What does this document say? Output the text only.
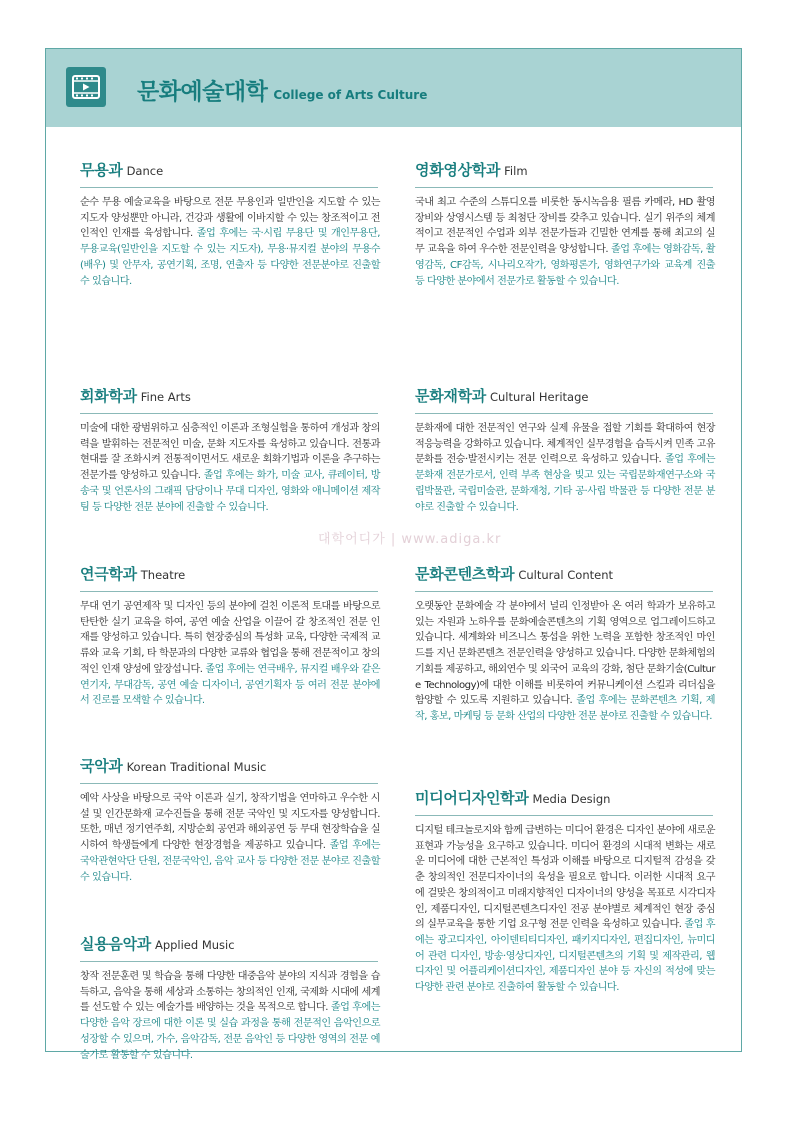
문화예술대학 College of Arts Culture
무용과 Dance

순수 무용 예술교육을 바탕으로 전문 무용인과 일반인을 지도할 수 있는 지도자 양성뿐만 아니라, 건강과 생활에 이바지할 수 있는 창조적이고 전인적인 인재를 육성합니다. 졸업 후에는 국·시립 무용단 및 개인무용단, 무용교육(일반인을 지도할 수 있는 지도자), 무용·뮤지컬 분야의 무용수(배우) 및 안무자, 공연기획, 조명, 연출자 등 다양한 전문분야로 진출할 수 있습니다.

회화학과 Fine Arts

미술에 대한 광범위하고 심층적인 이론과 조형실험을 통하여 개성과 창의력을 발휘하는 전문적인 미술, 문화 지도자를 육성하고 있습니다. 전통과 현대를 잘 조화시켜 전통적이면서도 새로운 회화기법과 이론을 추구하는 전문가를 양성하고 있습니다. 졸업 후에는 화가, 미술 교사, 큐레이터, 방송국 및 언론사의 그래픽 담당이나 무대 디자인, 영화와 애니메이션 제작팀 등 다양한 전문 분야에 진출할 수 있습니다.

연극학과 Theatre

무대 연기 공연제작 및 디자인 등의 분야에 걸친 이론적 토대를 바탕으로 탄탄한 실기 교육을 하여, 공연 예술 산업을 이끌어 갈 창조적인 전문 인재를 양성하고 있습니다. 특히 현장중심의 특성화 교육, 다양한 국제적 교류와 교육 기회, 타 학문과의 다양한 교류와 협업을 통해 전문적이고 창의적인 인재 양성에 앞장섭니다. 졸업 후에는 연극배우, 뮤지컬 배우와 같은 연기자, 무대감독, 공연 예술 디자이너, 공연기획자 등 여러 전문 분야에서 진로를 모색할 수 있습니다.

국악과 Korean Traditional Music

예악 사상을 바탕으로 국악 이론과 실기, 창작기법을 연마하고 우수한 시설 및 인간문화재 교수진들을 통해 전문 국악인 및 지도자를 양성합니다. 또한, 매년 정기연주회, 지방순회 공연과 해외공연 등 무대 현장학습을 실시하여 학생들에게 다양한 현장경험을 제공하고 있습니다. 졸업 후에는 국악관현악단 단원, 전문국악인, 음악 교사 등 다양한 전문 분야로 진출할 수 있습니다.

실용음악과 Applied Music

창작 전문훈련 및 학습을 통해 다양한 대중음악 분야의 지식과 경험을 습득하고, 음악을 통해 세상과 소통하는 창의적인 인재, 국제화 시대에 세계를 선도할 수 있는 예술가를 배양하는 것을 목적으로 합니다. 졸업 후에는 다양한 음악 장르에 대한 이론 및 실습 과정을 통해 전문적인 음악인으로 성장할 수 있으며, 가수, 음악감독, 전문 음악인 등 다양한 영역의 전문 예술가로 활동할 수 있습니다.

영화영상학과 Film

국내 최고 수준의 스튜디오를 비롯한 동시녹음용 필름 카메라, HD 촬영 장비와 상영시스템 등 최첨단 장비를 갖추고 있습니다. 실기 위주의 체계적이고 전문적인 수업과 외부 전문가들과 긴밀한 연계를 통해 최고의 실무 교육을 하여 우수한 전문인력을 양성합니다. 졸업 후에는 영화감독, 촬영감독, CF감독, 시나리오작가, 영화평론가, 영화연구가와 교육계 진출 등 다양한 분야에서 전문가로 활동할 수 있습니다.

문화재학과 Cultural Heritage

문화재에 대한 전문적인 연구와 실제 유물을 접할 기회를 확대하여 현장 적응능력을 강화하고 있습니다. 체계적인 실무경험을 습득시켜 민족 고유문화를 전승·발전시키는 전문 인력으로 육성하고 있습니다. 졸업 후에는 문화재 전문가로서, 인력 부족 현상을 빚고 있는 국립문화재연구소와 국립박물관, 국립미술관, 문화재청, 기타 공·사립 박물관 등 다양한 전문 분야로 진출할 수 있습니다.

문화콘텐츠학과 Cultural Content

오랫동안 문화예술 각 분야에서 널리 인정받아 온 여러 학과가 보유하고 있는 자원과 노하우를 문화예술콘텐츠의 기획 영역으로 업그레이드하고 있습니다. 세계화와 비즈니스 통섭을 위한 노력을 포함한 창조적인 마인드를 지닌 문화콘텐츠 전문인력을 양성하고 있습니다. 다양한 문화체험의 기회를 제공하고, 해외연수 및 외국어 교육의 강화, 첨단 문화기술(Culture Technology)에 대한 이해를 비롯하여 커뮤니케이션 스킬과 리더십을 함양할 수 있도록 지원하고 있습니다. 졸업 후에는 문화콘텐츠 기획, 제작, 홍보, 마케팅 등 문화 산업의 다양한 전문 분야로 진출할 수 있습니다.

미디어디자인학과 Media Design

디지털 테크놀로지와 함께 급변하는 미디어 환경은 디자인 분야에 새로운 표현과 가능성을 요구하고 있습니다. 미디어 환경의 시대적 변화는 새로운 미디어에 대한 근본적인 특성과 이해를 바탕으로 디지털적 감성을 갖춘 창의적인 전문디자이너의 육성을 필요로 합니다. 이러한 시대적 요구에 걸맞은 창의적이고 미래지향적인 디자이너의 양성을 목표로 시각디자인, 제품디자인, 디지털콘텐츠디자인 전공 분야별로 체계적인 현장 중심의 실무교육을 통한 기업 요구형 전문 인력을 육성하고 있습니다. 졸업 후에는 광고디자인, 아이덴티티디자인, 패키지디자인, 편집디자인, 뉴미디어 관련 디자인, 방송·영상디자인, 디지털콘텐츠의 기획 및 제작관리, 웹디자인 및 어플리케이션디자인, 제품디자인 분야 등 자신의 적성에 맞는 다양한 관련 분야로 진출하여 활동할 수 있습니다.

대학어디가 | www.adiga.kr
